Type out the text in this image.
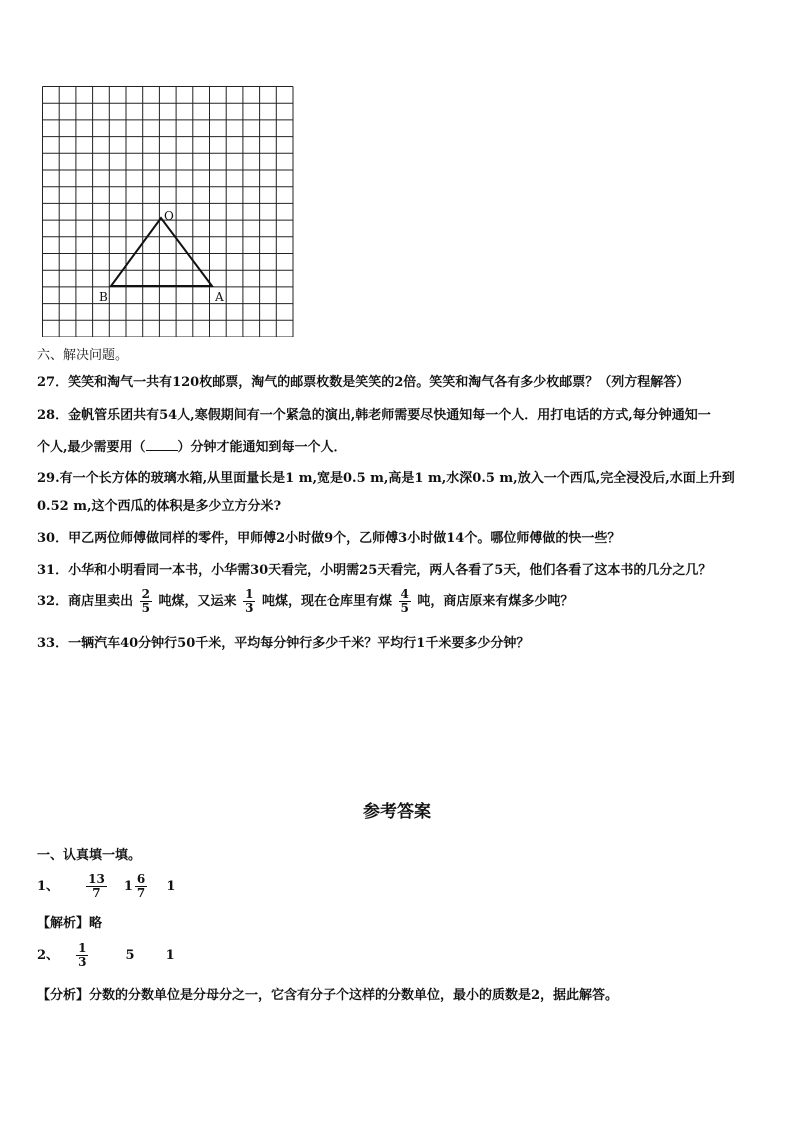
O
B	A
六、解决问题。
27．笑笑和淘气一共有120枚邮票，淘气的邮票枚数是笑笑的2倍。笑笑和淘气各有多少枚邮票？（列方程解答）
28．金帆管乐团共有54人,寒假期间有一个紧急的演出,韩老师需要尽快通知每一个人．用打电话的方式,每分钟通知一
个人,最少需要用（ ）分钟才能通知到每一个人．
29.有一个长方体的玻璃水箱,从里面量长是1 m,宽是0.5 m,高是1 m,水深0.5 m,放入一个西瓜,完全浸没后,水面上升到
0.52 m,这个西瓜的体积是多少立方分米?
30．甲乙两位师傅做同样的零件，甲师傅2小时做9个，乙师傅3小时做14个。哪位师傅做的快一些？
31．小华和小明看同一本书，小华需30天看完，小明需25天看完，两人各看了5天，他们各看了这本书的几分之几？
32．商店里卖出 $\frac{2}{5}$ 吨煤，又运来 $\frac{1}{3}$ 吨煤，现在仓库里有煤 $\frac{4}{5}$ 吨，商店原来有煤多少吨？
33．一辆汽车40分钟行50千米，平均每分钟行多少千米？平均行1千米要多少分钟？
参考答案
一、认真填一填。
1、 $\frac{13}{7} 1 \frac{6}{7} 1$
【解析】略
2、 $\frac{1}{3}$	5 1
【分析】分数的分数单位是分母分之一，它含有分子个这样的分数单位，最小的质数是2，据此解答。
